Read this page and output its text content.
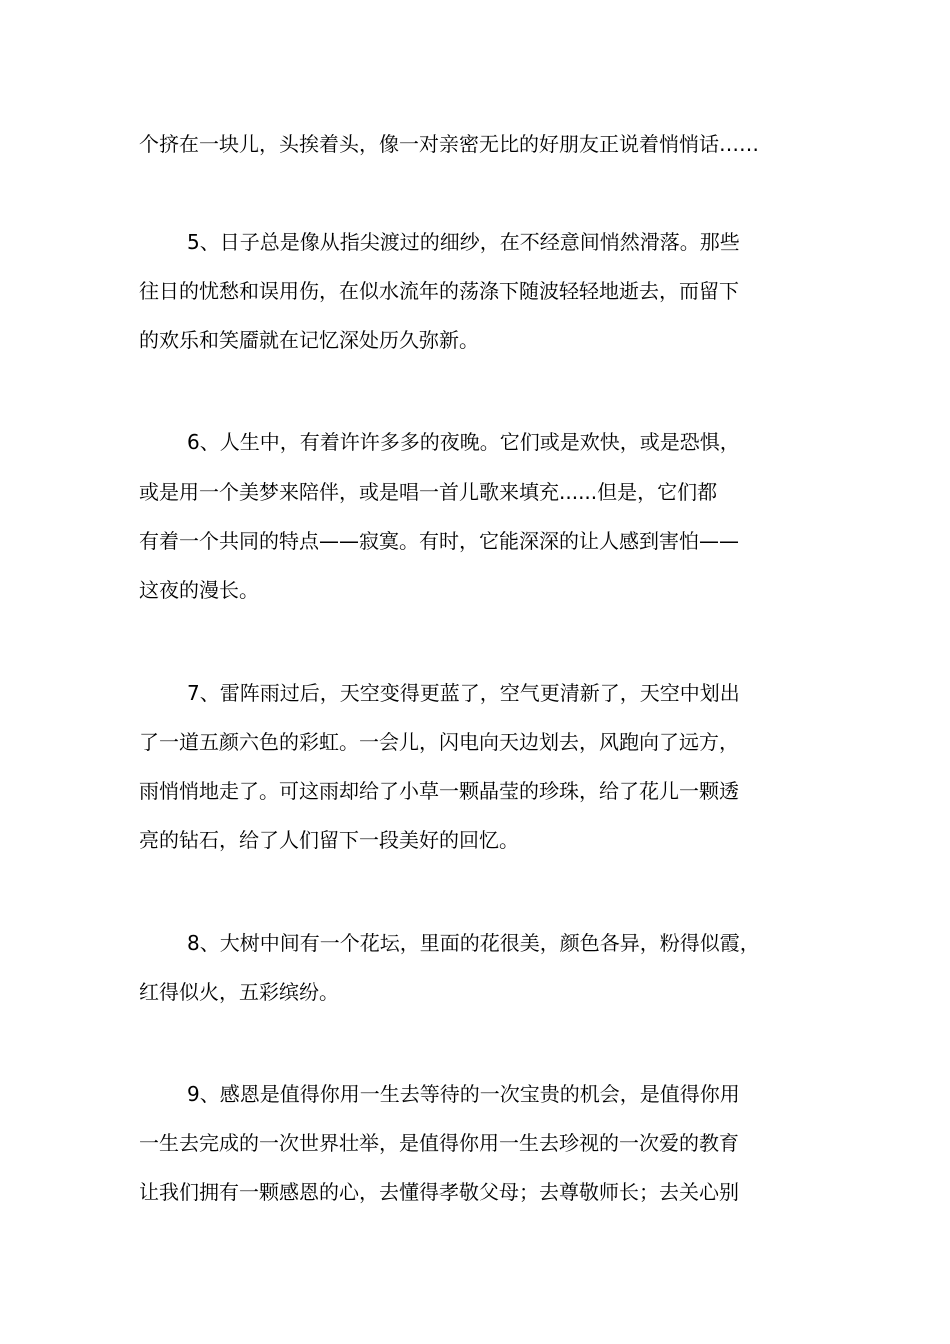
个挤在一块儿，头挨着头，像一对亲密无比的好朋友正说着悄悄话……
5、日子总是像从指尖渡过的细纱，在不经意间悄然滑落。那些
往日的忧愁和误用伤，在似水流年的荡涤下随波轻轻地逝去，而留下
的欢乐和笑靥就在记忆深处历久弥新。
6、人生中，有着许许多多的夜晚。它们或是欢快，或是恐惧，
或是用一个美梦来陪伴，或是唱一首儿歌来填充......但是，它们都
有着一个共同的特点——寂寞。有时，它能深深的让人感到害怕——
这夜的漫长。
7、雷阵雨过后，天空变得更蓝了，空气更清新了，天空中划出
了一道五颜六色的彩虹。一会儿，闪电向天边划去，风跑向了远方，
雨悄悄地走了。可这雨却给了小草一颗晶莹的珍珠，给了花儿一颗透
亮的钻石，给了人们留下一段美好的回忆。
8、大树中间有一个花坛，里面的花很美，颜色各异，粉得似霞，
红得似火，五彩缤纷。
9、感恩是值得你用一生去等待的一次宝贵的机会，是值得你用
一生去完成的一次世界壮举，是值得你用一生去珍视的一次爱的教育
让我们拥有一颗感恩的心，去懂得孝敬父母；去尊敬师长；去关心别
